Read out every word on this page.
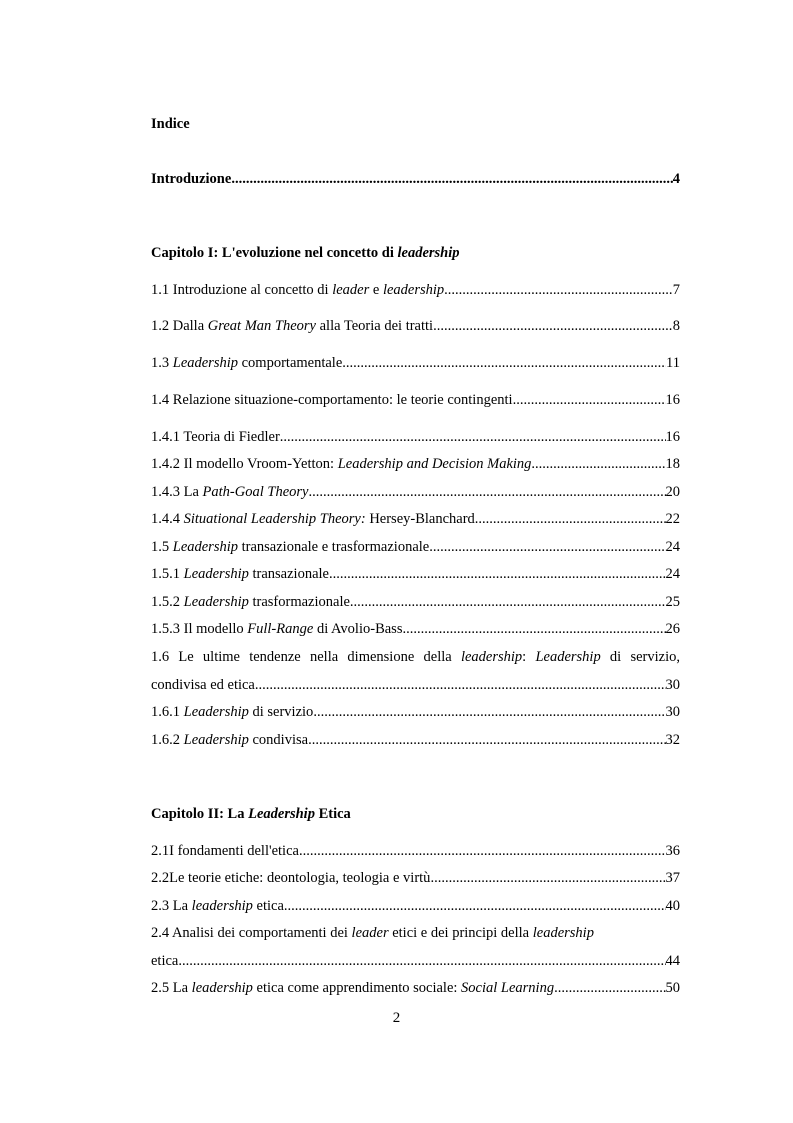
Indice
Introduzione .....	4
Capitolo I: L'evoluzione nel concetto di leadership
1.1 Introduzione al concetto di leader e leadership .....	7
1.2 Dalla Great Man Theory alla Teoria dei tratti .....	8
1.3 Leadership comportamentale .....	11
1.4 Relazione situazione-comportamento: le teorie contingenti .....	16
1.4.1 Teoria di Fiedler .....	16
1.4.2 Il modello Vroom-Yetton: Leadership and Decision Making .....	18
1.4.3 La Path-Goal Theory .....	20
1.4.4 Situational Leadership Theory: Hersey-Blanchard .....	22
1.5 Leadership transazionale e trasformazionale .....	24
1.5.1 Leadership transazionale .....	24
1.5.2 Leadership trasformazionale .....	25
1.5.3 Il modello Full-Range di Avolio-Bass .....	26
1.6 Le ultime tendenze nella dimensione della leadership: Leadership di servizio,
condivisa ed etica .....	30
1.6.1 Leadership di servizio .....	30
1.6.2 Leadership condivisa .....	32
Capitolo II: La Leadership Etica
2.1I fondamenti dell'etica .....	36
2.2Le teorie etiche: deontologia, teologia e virtù .....	37
2.3 La leadership etica .....	40
2.4 Analisi dei comportamenti dei leader etici e dei principi della leadership
etica .....	44
2.5 La leadership etica come apprendimento sociale: Social Learning .....	50
2
